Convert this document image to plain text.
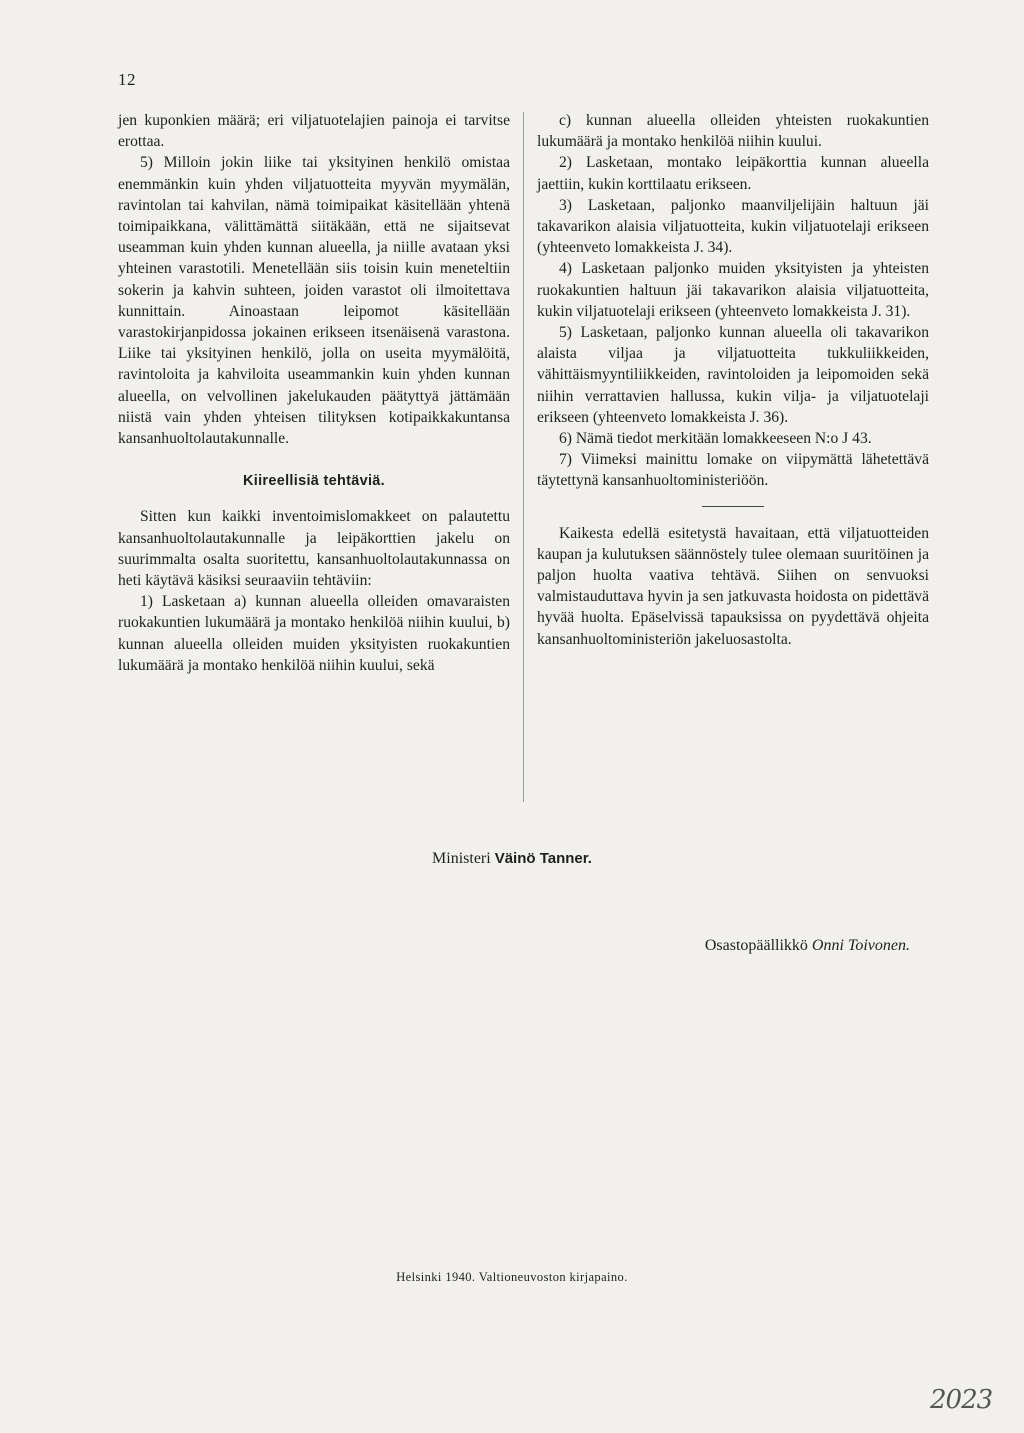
12

jen kuponkien määrä; eri viljatuotelajien painoja ei tarvitse erottaa.

5) Milloin jokin liike tai yksityinen henkilö omistaa enemmänkin kuin yhden viljatuotteita myyvän myymälän, ravintolan tai kahvilan, nämä toimipaikat käsitellään yhtenä toimipaikkana, välittämättä siitäkään, että ne sijaitsevat useamman kuin yhden kunnan alueella, ja niille avataan yksi yhteinen varastotili. Menetellään siis toisin kuin meneteltiin sokerin ja kahvin suhteen, joiden varastot oli ilmoitettava kunnittain. Ainoastaan leipomot käsitellään varastokirjanpidossa jokainen erikseen itsenäisenä varastona. Liike tai yksityinen henkilö, jolla on useita myymälöitä, ravintoloita ja kahviloita useammankin kuin yhden kunnan alueella, on velvollinen jakelukauden päätyttyä jättämään niistä vain yhden yhteisen tilityksen kotipaikkakuntansa kansanhuoltolautakunnalle.

Kiireellisiä tehtäviä.

Sitten kun kaikki inventoimislomakkeet on palautettu kansanhuoltolautakunnalle ja leipäkorttien jakelu on suurimmalta osalta suoritettu, kansanhuoltolautakunnassa on heti käytävä käsiksi seuraaviin tehtäviin:

1) Lasketaan a) kunnan alueella olleiden omavaraisten ruokakuntien lukumäärä ja montako henkilöä niihin kuului, b) kunnan alueella olleiden muiden yksityisten ruokakuntien lukumäärä ja montako henkilöä niihin kuului, sekä

c) kunnan alueella olleiden yhteisten ruokakuntien lukumäärä ja montako henkilöä niihin kuului.

2) Lasketaan, montako leipäkorttia kunnan alueella jaettiin, kukin korttilaatu erikseen.

3) Lasketaan, paljonko maanviljelijäin haltuun jäi takavarikon alaisia viljatuotteita, kukin viljatuotelaji erikseen (yhteenveto lomakkeista J. 34).

4) Lasketaan paljonko muiden yksityisten ja yhteisten ruokakuntien haltuun jäi takavarikon alaisia viljatuotteita, kukin viljatuotelaji erikseen (yhteenveto lomakkeista J. 31).

5) Lasketaan, paljonko kunnan alueella oli takavarikon alaista viljaa ja viljatuotteita tukkuliikkeiden, vähittäismyyntiliikkeiden, ravintoloiden ja leipomoiden sekä niihin verrattavien hallussa, kukin vilja- ja viljatuotelaji erikseen (yhteenveto lomakkeista J. 36).

6) Nämä tiedot merkitään lomakkeeseen N:o J 43.

7) Viimeksi mainittu lomake on viipymättä lähetettävä täytettynä kansanhuoltoministeriöön.

Kaikesta edellä esitetystä havaitaan, että viljatuotteiden kaupan ja kulutuksen säännöstely tulee olemaan suuritöinen ja paljon huolta vaativa tehtävä. Siihen on senvuoksi valmistauduttava hyvin ja sen jatkuvasta hoidosta on pidettävä hyvää huolta. Epäselvissä tapauksissa on pyydettävä ohjeita kansanhuoltoministeriön jakeluosastolta.

Ministeri Väinö Tanner.
Osastopäällikkö Onni Toivonen.
Helsinki 1940. Valtioneuvoston kirjapaino.
2023
